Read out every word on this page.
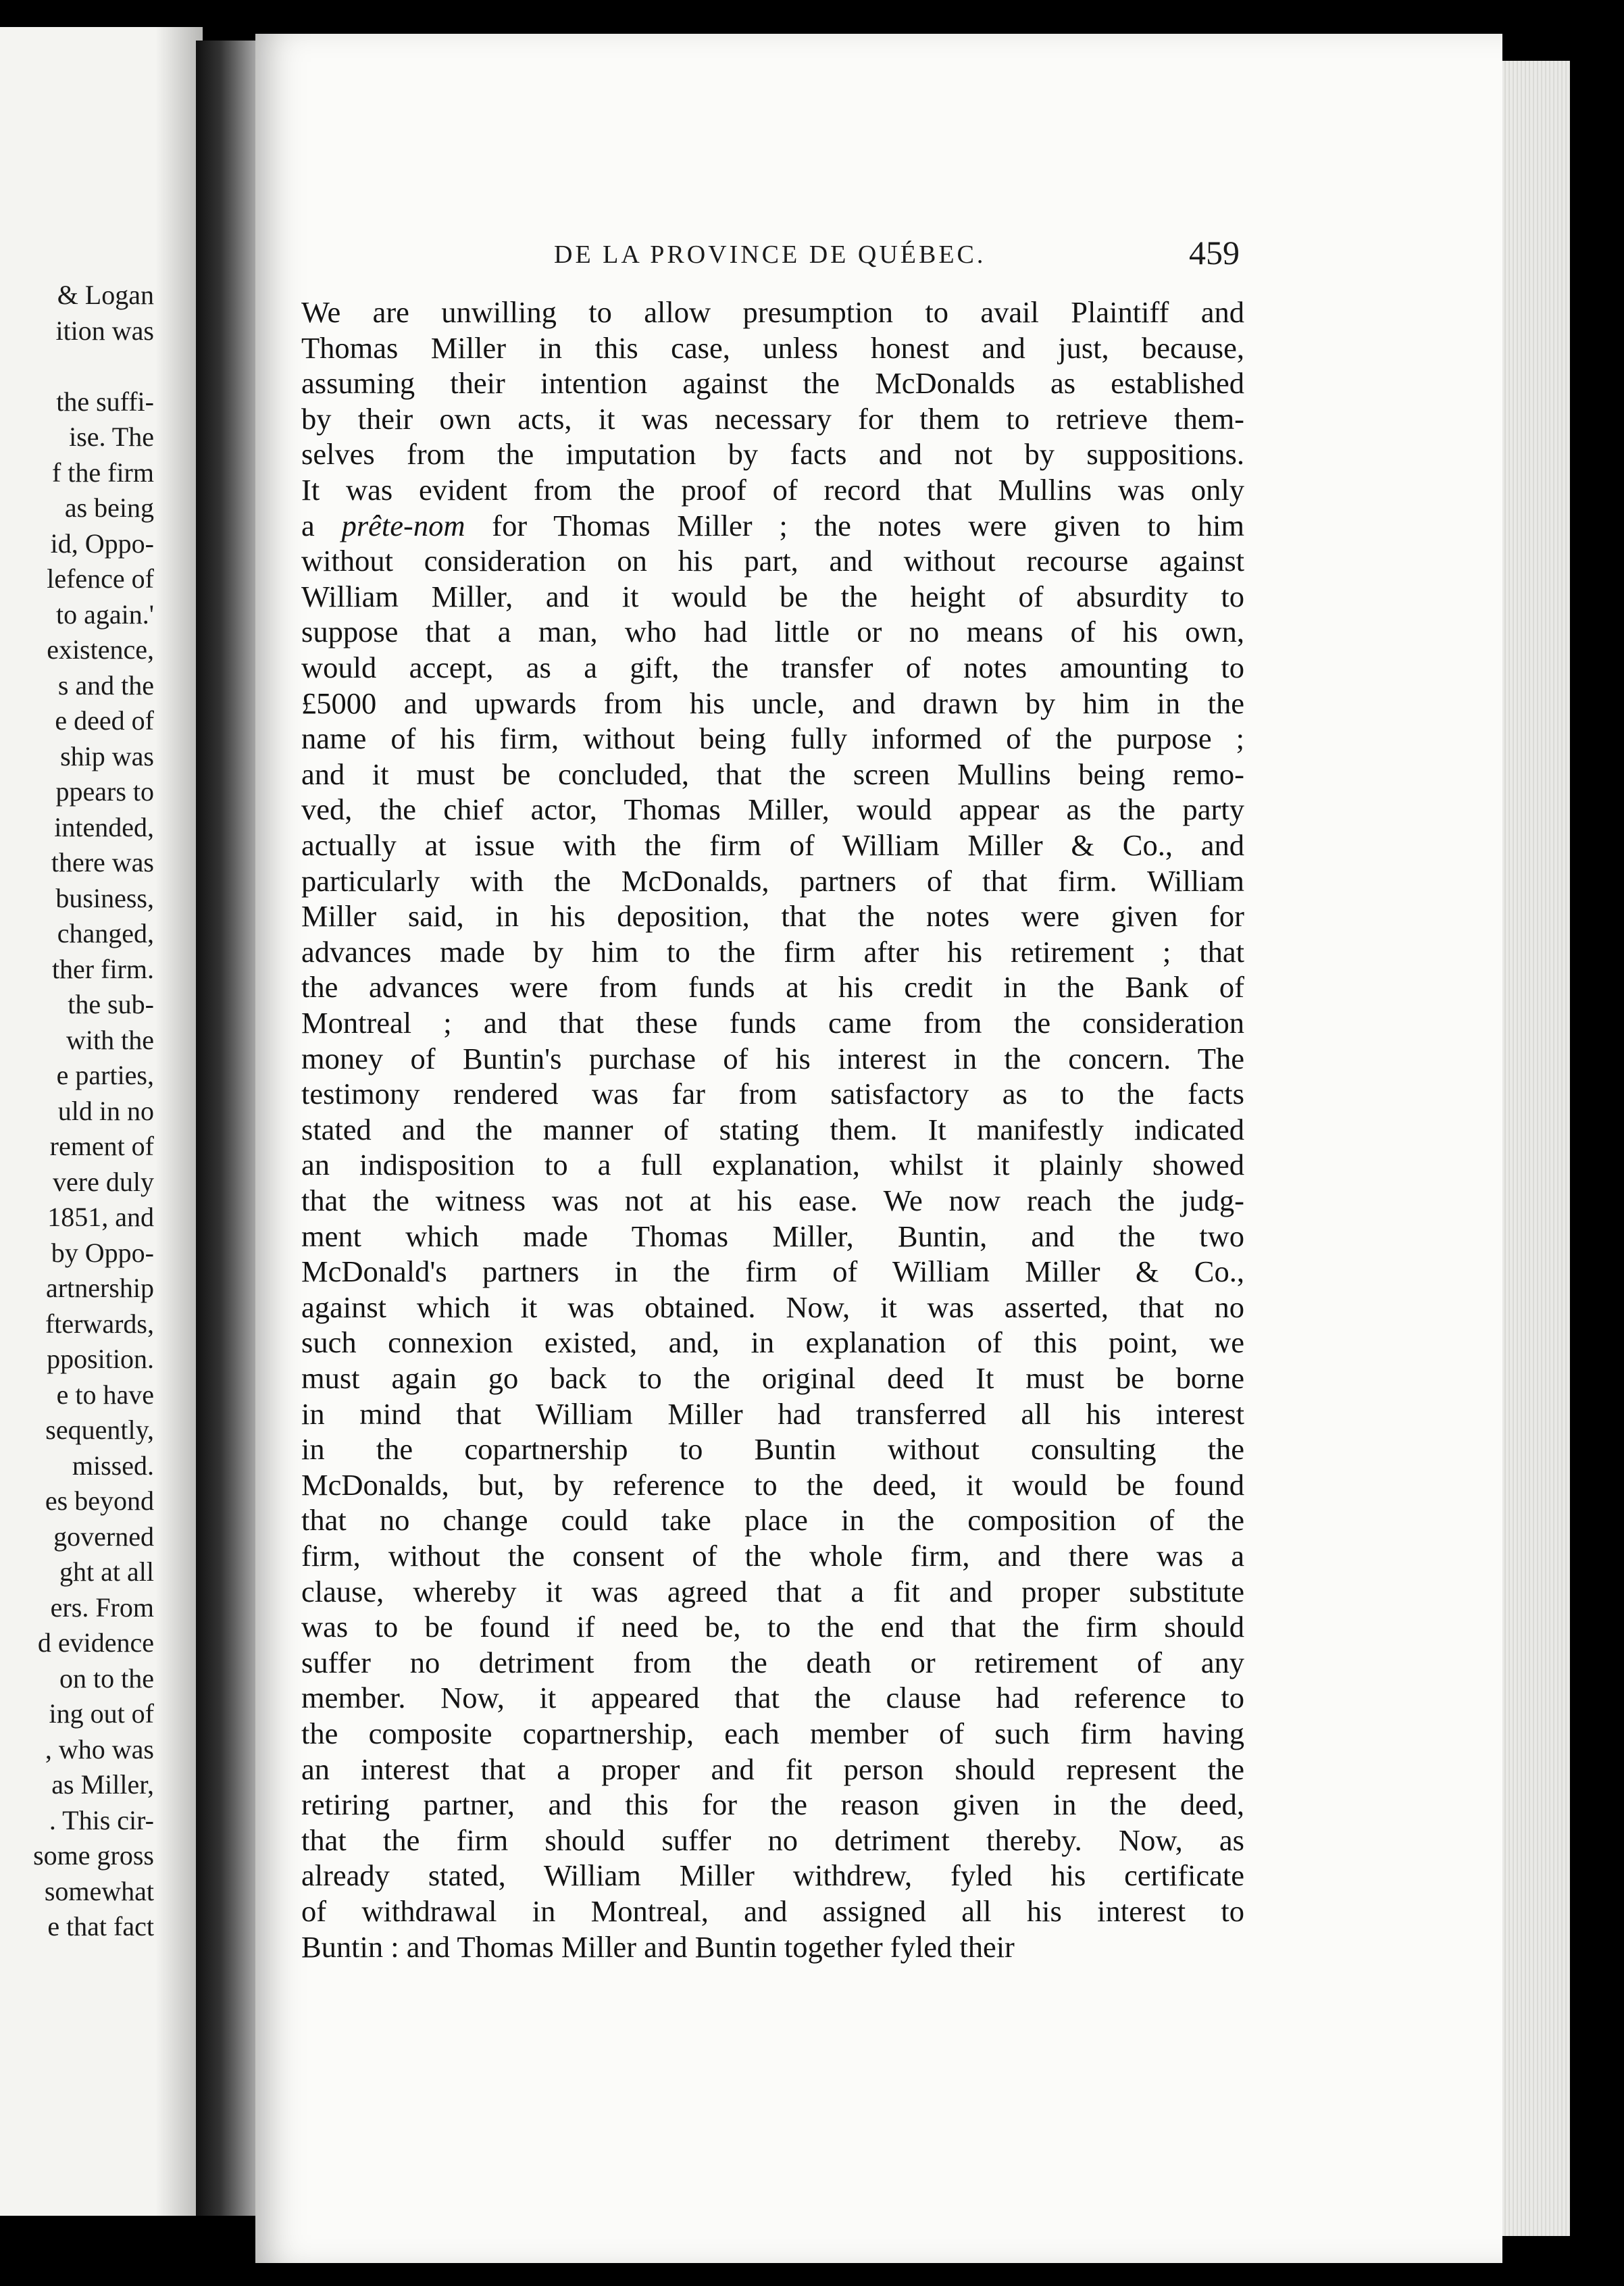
& Logan
ition was
the suffi-
ise. The
f the firm
as being
id, Oppo-
lefence of
to again.'
existence,
s and the
e deed of
ship was
ppears to
intended,
there was
business,
changed,
ther firm.
the sub-
with the
e parties,
uld in no
rement of
vere duly
1851, and
by Oppo-
artnership
fterwards,
pposition.
e to have
sequently,
missed.
es beyond
governed
ght at all
ers. From
d evidence
on to the
ing out of
, who was
as Miller,
. This cir-
some gross
somewhat
e that fact
DE LA PROVINCE DE QUÉBEC.	459
We are unwilling to allow presumption to avail Plaintiff and
Thomas Miller in this case, unless honest and just, because,
assuming their intention against the McDonalds as established
by their own acts, it was necessary for them to retrieve them-
selves from the imputation by facts and not by suppositions.
It was evident from the proof of record that Mullins was only
a prête-nom for Thomas Miller ; the notes were given to him
without consideration on his part, and without recourse against
William Miller, and it would be the height of absurdity to
suppose that a man, who had little or no means of his own,
would accept, as a gift, the transfer of notes amounting to
£5000 and upwards from his uncle, and drawn by him in the
name of his firm, without being fully informed of the purpose ;
and it must be concluded, that the screen Mullins being remo-
ved, the chief actor, Thomas Miller, would appear as the party
actually at issue with the firm of William Miller & Co., and
particularly with the McDonalds, partners of that firm. William
Miller said, in his deposition, that the notes were given for
advances made by him to the firm after his retirement ; that
the advances were from funds at his credit in the Bank of
Montreal ; and that these funds came from the consideration
money of Buntin's purchase of his interest in the concern. The
testimony rendered was far from satisfactory as to the facts
stated and the manner of stating them. It manifestly indicated
an indisposition to a full explanation, whilst it plainly showed
that the witness was not at his ease. We now reach the judg-
ment which made Thomas Miller, Buntin, and the two
McDonald's partners in the firm of William Miller & Co.,
against which it was obtained. Now, it was asserted, that no
such connexion existed, and, in explanation of this point, we
must again go back to the original deed It must be borne
in mind that William Miller had transferred all his interest
in the copartnership to Buntin without consulting the
McDonalds, but, by reference to the deed, it would be found
that no change could take place in the composition of the
firm, without the consent of the whole firm, and there was a
clause, whereby it was agreed that a fit and proper substitute
was to be found if need be, to the end that the firm should
suffer no detriment from the death or retirement of any
member. Now, it appeared that the clause had reference to
the composite copartnership, each member of such firm having
an interest that a proper and fit person should represent the
retiring partner, and this for the reason given in the deed,
that the firm should suffer no detriment thereby. Now, as
already stated, William Miller withdrew, fyled his certificate
of withdrawal in Montreal, and assigned all his interest to
Buntin : and Thomas Miller and Buntin together fyled their
